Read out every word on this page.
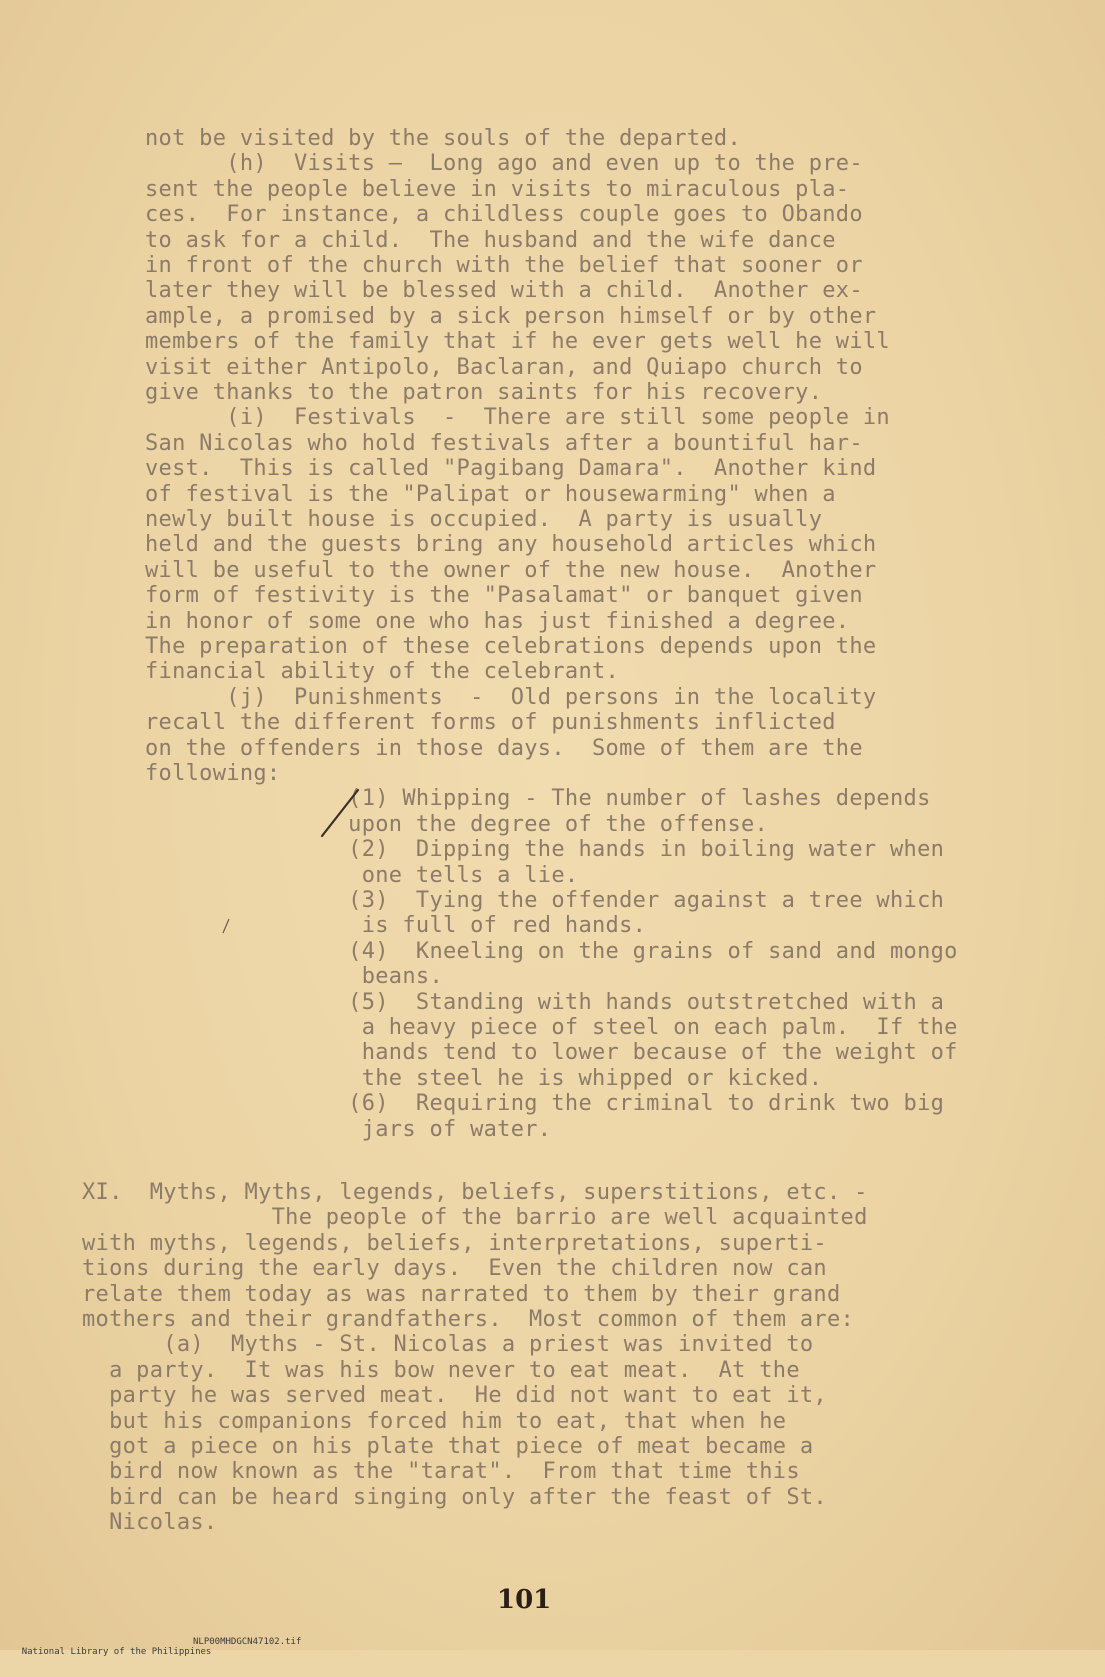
not be visited by the souls of the departed.
(h)  Visits –  Long ago and even up to the pre-
sent the people believe in visits to miraculous pla-
ces.  For instance, a childless couple goes to Obando
to ask for a child.  The husband and the wife dance
in front of the church with the belief that sooner or
later they will be blessed with a child.  Another ex-
ample, a promised by a sick person himself or by other
members of the family that if he ever gets well he will
visit either Antipolo, Baclaran, and Quiapo church to
give thanks to the patron saints for his recovery.
(i)  Festivals  -  There are still some people in
San Nicolas who hold festivals after a bountiful har-
vest.  This is called "Pagibang Damara".  Another kind
of festival is the "Palipat or housewarming" when a
newly built house is occupied.  A party is usually
held and the guests bring any household articles which
will be useful to the owner of the new house.  Another
form of festivity is the "Pasalamat" or banquet given
in honor of some one who has just finished a degree.
The preparation of these celebrations depends upon the
financial ability of the celebrant.
(j)  Punishments  -  Old persons in the locality
recall the different forms of punishments inflicted
on the offenders in those days.  Some of them are the
following:
(1) Whipping - The number of lashes depends
upon the degree of the offense.
(2)  Dipping the hands in boiling water when
one tells a lie.
(3)  Tying the offender against a tree which
is full of red hands.
(4)  Kneeling on the grains of sand and mongo
beans.
(5)  Standing with hands outstretched with a
a heavy piece of steel on each palm.  If the
hands tend to lower because of the weight of
the steel he is whipped or kicked.
(6)  Requiring the criminal to drink two big
jars of water.
XI.  Myths, Myths, legends, beliefs, superstitions, etc. -
The people of the barrio are well acquainted
with myths, legends, beliefs, interpretations, superti-
tions during the early days.  Even the children now can
relate them today as was narrated to them by their grand
mothers and their grandfathers.  Most common of them are:
(a)  Myths - St. Nicolas a priest was invited to
a party.  It was his bow never to eat meat.  At the
party he was served meat.  He did not want to eat it,
but his companions forced him to eat, that when he
got a piece on his plate that piece of meat became a
bird now known as the "tarat".  From that time this
bird can be heard singing only after the feast of St.
Nicolas.
101

National Library of the Philippines

NLP00MHDGCN47102.tif
